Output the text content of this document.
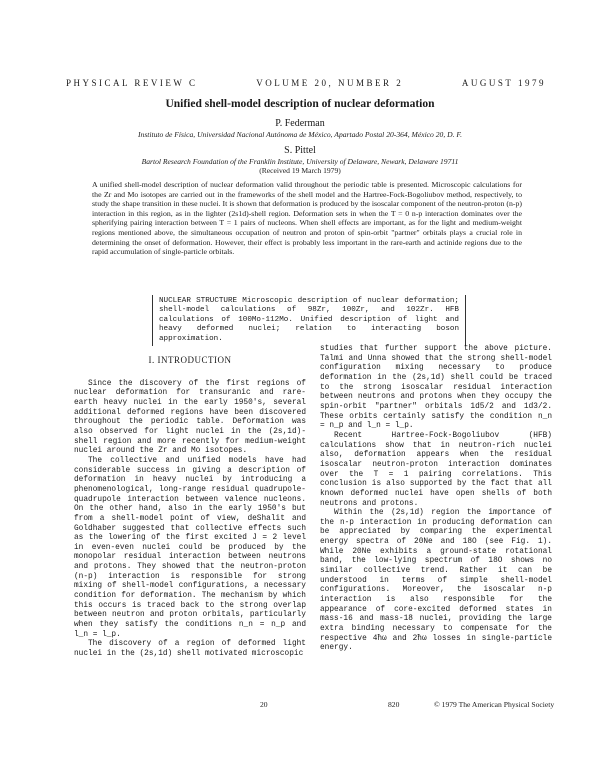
PHYSICAL REVIEW C	VOLUME 20, NUMBER 2	AUGUST 1979
Unified shell-model description of nuclear deformation
P. Federman
Instituto de Física, Universidad Nacional Autónoma de México, Apartado Postal 20-364, México 20, D. F.
S. Pittel
Bartol Research Foundation of the Franklin Institute, University of Delaware, Newark, Delaware 19711
(Received 19 March 1979)

A unified shell-model description of nuclear deformation valid throughout the periodic table is presented. Microscopic calculations for the Zr and Mo isotopes are carried out in the frameworks of the shell model and the Hartree-Fock-Bogoliubov method, respectively, to study the shape transition in these nuclei. It is shown that deformation is produced by the isoscalar component of the neutron-proton (n-p) interaction in this region, as in the lighter (2s1d)-shell region. Deformation sets in when the T = 0 n-p interaction dominates over the spherifying pairing interaction between T = 1 pairs of nucleons. When shell effects are important, as for the light and medium-weight regions mentioned above, the simultaneous occupation of neutron and proton of spin-orbit "partner" orbitals plays a crucial role in determining the onset of deformation. However, their effect is probably less important in the rare-earth and actinide regions due to the rapid accumulation of single-particle orbitals.

NUCLEAR STRUCTURE Microscopic description of nuclear deformation; shell-model calculations of 98Zr, 100Zr, and 102Zr. HFB calculations of 100Mo-112Mo. Unified description of light and heavy deformed nuclei; relation to interacting boson approximation.
I. INTRODUCTION

Since the discovery of the first regions of nuclear deformation for transuranic and rare-earth heavy nuclei in the early 1950's, several additional deformed regions have been discovered throughout the periodic table. Deformation was also observed for light nuclei in the (2s,1d)-shell region and more recently for medium-weight nuclei around the Zr and Mo isotopes.

The collective and unified models have had considerable success in giving a description of deformation in heavy nuclei by introducing a phenomenological, long-range residual quadrupole-quadrupole interaction between valence nucleons. On the other hand, also in the early 1950's but from a shell-model point of view, deShalit and Goldhaber suggested that collective effects such as the lowering of the first excited J = 2 level in even-even nuclei could be produced by the monopolar residual interaction between neutrons and protons. They showed that the neutron-proton (n-p) interaction is responsible for strong mixing of shell-model configurations, a necessary condition for deformation. The mechanism by which this occurs is traced back to the strong overlap between neutron and proton orbitals, particularly when they satisfy the conditions n_n = n_p and l_n = l_p.

The discovery of a region of deformed light nuclei in the (2s,1d) shell motivated microscopic

studies that further support the above picture. Talmi and Unna showed that the strong shell-model configuration mixing necessary to produce deformation in the (2s,1d) shell could be traced to the strong isoscalar residual interaction between neutrons and protons when they occupy the spin-orbit "partner" orbitals 1d5/2 and 1d3/2. These orbits certainly satisfy the condition n_n = n_p and l_n = l_p.

Recent Hartree-Fock-Bogoliubov (HFB) calculations show that in neutron-rich nuclei also, deformation appears when the residual isoscalar neutron-proton interaction dominates over the T = 1 pairing correlations. This conclusion is also supported by the fact that all known deformed nuclei have open shells of both neutrons and protons.

Within the (2s,1d) region the importance of the n-p interaction in producing deformation can be appreciated by comparing the experimental energy spectra of 20Ne and 18O (see Fig. 1). While 20Ne exhibits a ground-state rotational band, the low-lying spectrum of 18O shows no similar collective trend. Rather it can be understood in terms of simple shell-model configurations. Moreover, the isoscalar n-p interaction is also responsible for the appearance of core-excited deformed states in mass-16 and mass-18 nuclei, providing the large extra binding necessary to compensate for the respective 4ħω and 2ħω losses in single-particle energy.

20	820	© 1979 The American Physical Society
